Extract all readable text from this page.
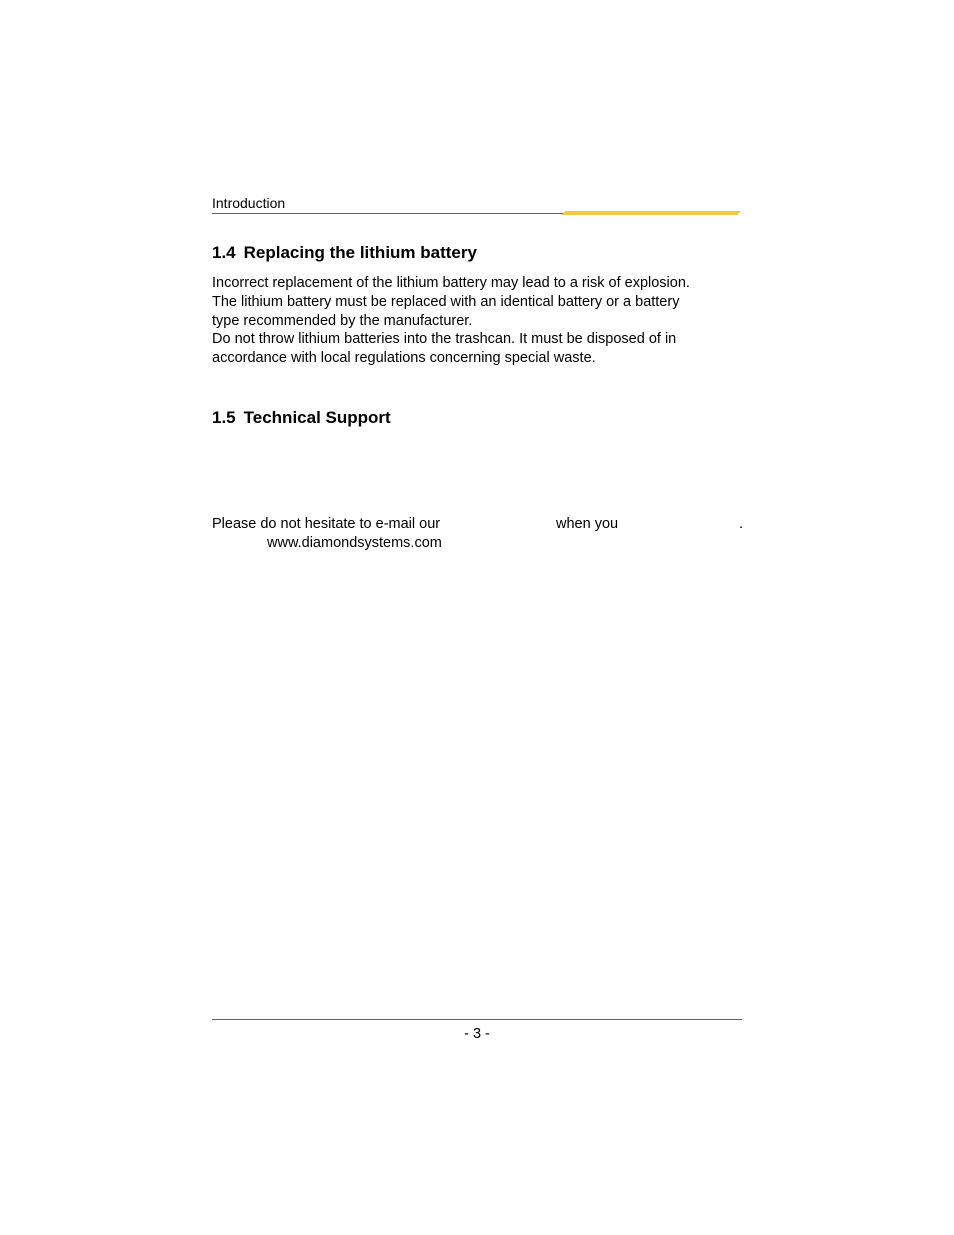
Introduction
1.4 Replacing the lithium battery
Incorrect replacement of the lithium battery may lead to a risk of explosion.
The lithium battery must be replaced with an identical battery or a battery
type recommended by the manufacturer.
Do not throw lithium batteries into the trashcan. It must be disposed of in
accordance with local regulations concerning special waste.
1.5 Technical Support
Please do not hesitate to e-mail our	when you	.
www.diamondsystems.com
- 3 -
